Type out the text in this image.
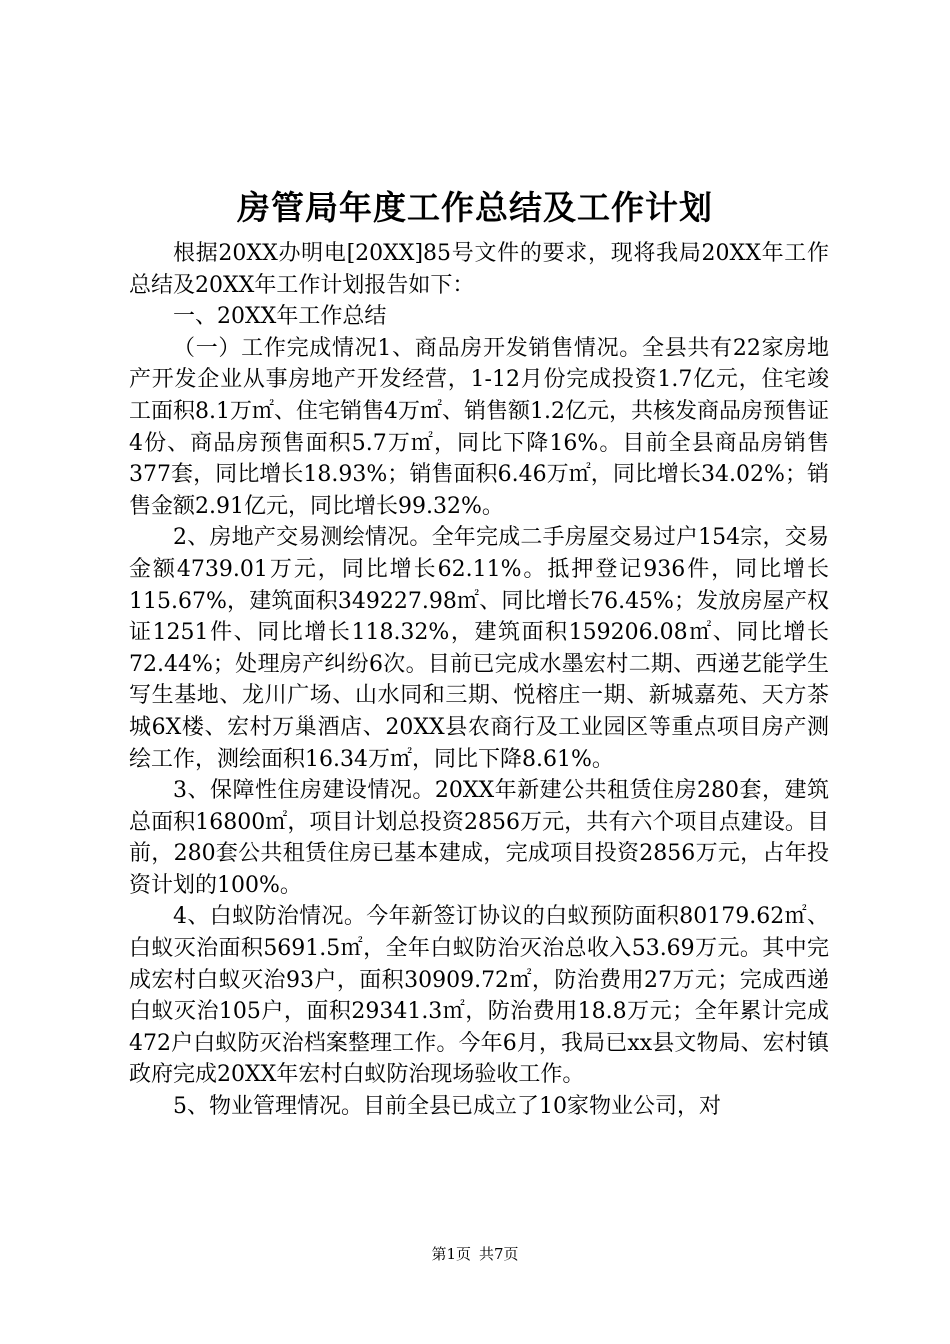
房管局年度工作总结及工作计划

根据20XX办明电[20XX]85号文件的要求，现将我局20XX年工作总结及20XX年工作计划报告如下：

一、20XX年工作总结

（一）工作完成情况1、商品房开发销售情况。全县共有22家房地产开发企业从事房地产开发经营，1-12月份完成投资1.7亿元，住宅竣工面积8.1万㎡、住宅销售4万㎡、销售额1.2亿元，共核发商品房预售证4份、商品房预售面积5.7万㎡，同比下降16%。目前全县商品房销售377套，同比增长18.93%；销售面积6.46万㎡，同比增长34.02%；销售金额2.91亿元，同比增长99.32%。

2、房地产交易测绘情况。全年完成二手房屋交易过户154宗，交易金额4739.01万元，同比增长62.11%。抵押登记936件，同比增长115.67%，建筑面积349227.98㎡、同比增长76.45%；发放房屋产权证1251件、同比增长118.32%，建筑面积159206.08㎡、同比增长72.44%；处理房产纠纷6次。目前已完成水墨宏村二期、西递艺能学生写生基地、龙川广场、山水同和三期、悦榕庄一期、新城嘉苑、天方茶城6X楼、宏村万巢酒店、20XX县农商行及工业园区等重点项目房产测绘工作，测绘面积16.34万㎡，同比下降8.61%。

3、保障性住房建设情况。20XX年新建公共租赁住房280套，建筑总面积16800㎡，项目计划总投资2856万元，共有六个项目点建设。目前，280套公共租赁住房已基本建成，完成项目投资2856万元，占年投资计划的100%。

4、白蚁防治情况。今年新签订协议的白蚁预防面积80179.62㎡、白蚁灭治面积5691.5㎡，全年白蚁防治灭治总收入53.69万元。其中完成宏村白蚁灭治93户，面积30909.72㎡，防治费用27万元；完成西递白蚁灭治105户，面积29341.3㎡，防治费用18.8万元；全年累计完成472户白蚁防灭治档案整理工作。今年6月，我局已xx县文物局、宏村镇政府完成20XX年宏村白蚁防治现场验收工作。

5、物业管理情况。目前全县已成立了10家物业公司，对

第1页 共7页
